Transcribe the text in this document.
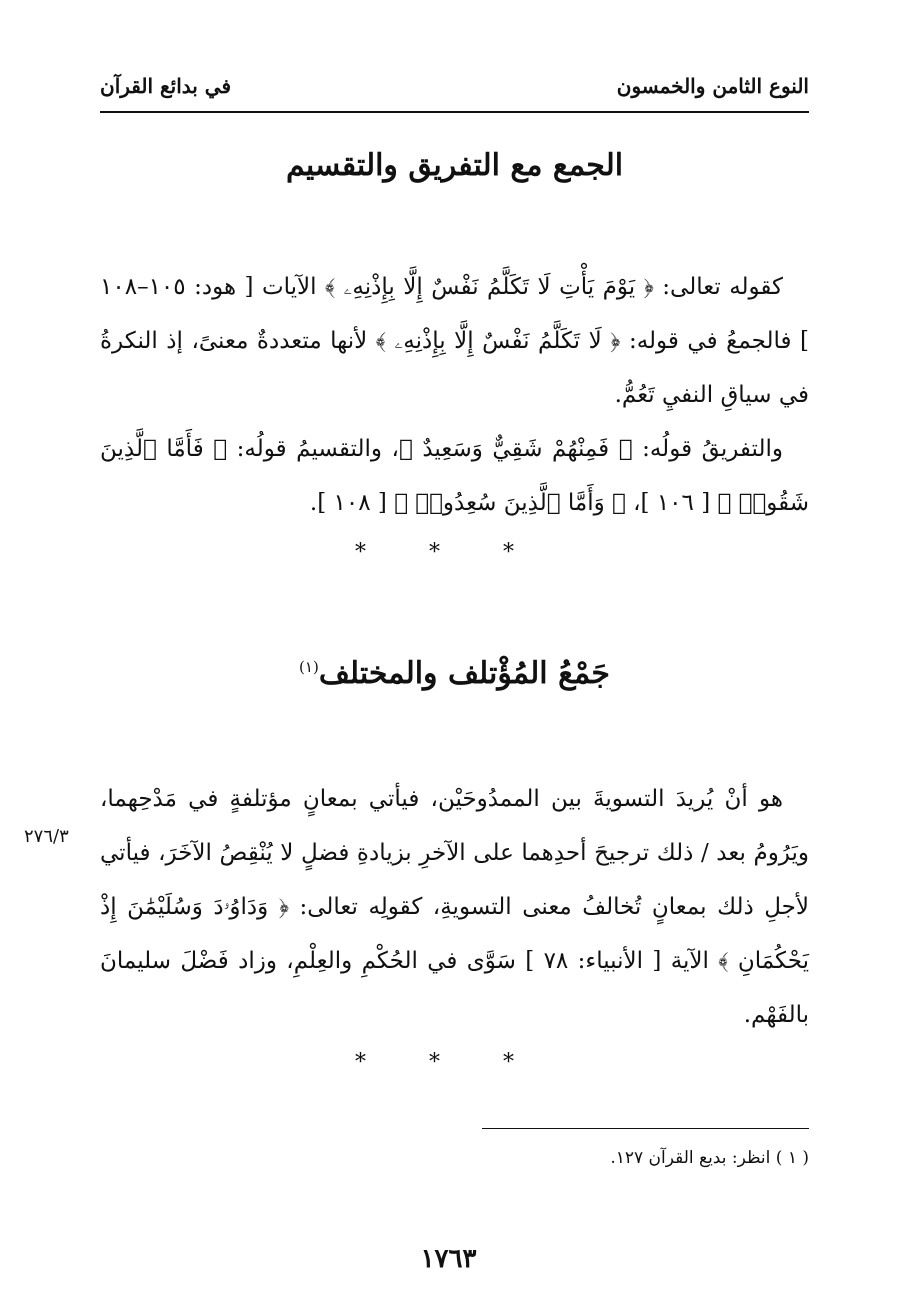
النوع الثامن والخمسون
في بدائع القرآن
الجمع مع التفريق والتقسيم

كقوله تعالى: ﴿ يَوْمَ يَأْتِ لَا تَكَلَّمُ نَفْسٌ إِلَّا بِإِذْنِهِۦ ﴾ الآيات [ هود: ١٠٥–١٠٨ ] فالجمعُ في قوله: ﴿ لَا تَكَلَّمُ نَفْسٌ إِلَّا بِإِذْنِهِۦ ﴾ لأنها متعددةٌ معنىً، إذ النكرةُ في سياقِ النفيِ تَعُمُّ.

والتفريقُ قولُه: ﴿ فَمِنْهُمْ شَقِيٌّ وَسَعِيدٌ ﴾، والتقسيمُ قولُه: ﴿ فَأَمَّا ٱلَّذِينَ شَقُوا۟ ﴾ [ ١٠٦ ]، ﴿ وَأَمَّا ٱلَّذِينَ سُعِدُوا۟ ﴾ [ ١٠٨ ].

* * *
جَمْعُ المُؤْتلف والمختلف$^{(١)}$

هو أنْ يُريدَ التسويةَ بين الممدُوحَيْن، فيأتي بمعانٍ مؤتلفةٍ في مَدْحِهما، ويَرُومُ بعد / ذلك ترجيحَ أحدِهما على الآخرِ بزيادةِ فضلٍ لا يُنْقِصُ الآخَرَ، فيأتي لأجلِ ذلك بمعانٍ تُخالفُ معنى التسويةِ، كقولِه تعالى: ﴿ وَدَاوُۥدَ وَسُلَيْمَٰنَ إِذْ يَحْكُمَانِ ﴾ الآية [ الأنبياء: ٧٨ ] سَوَّى في الحُكْمِ والعِلْمِ، وزاد فَضْلَ سليمانَ بالفَهْم.

٢٧٦/٣
* * *
( ١ ) انظر: بديع القرآن ١٢٧.
١٧٦٣
